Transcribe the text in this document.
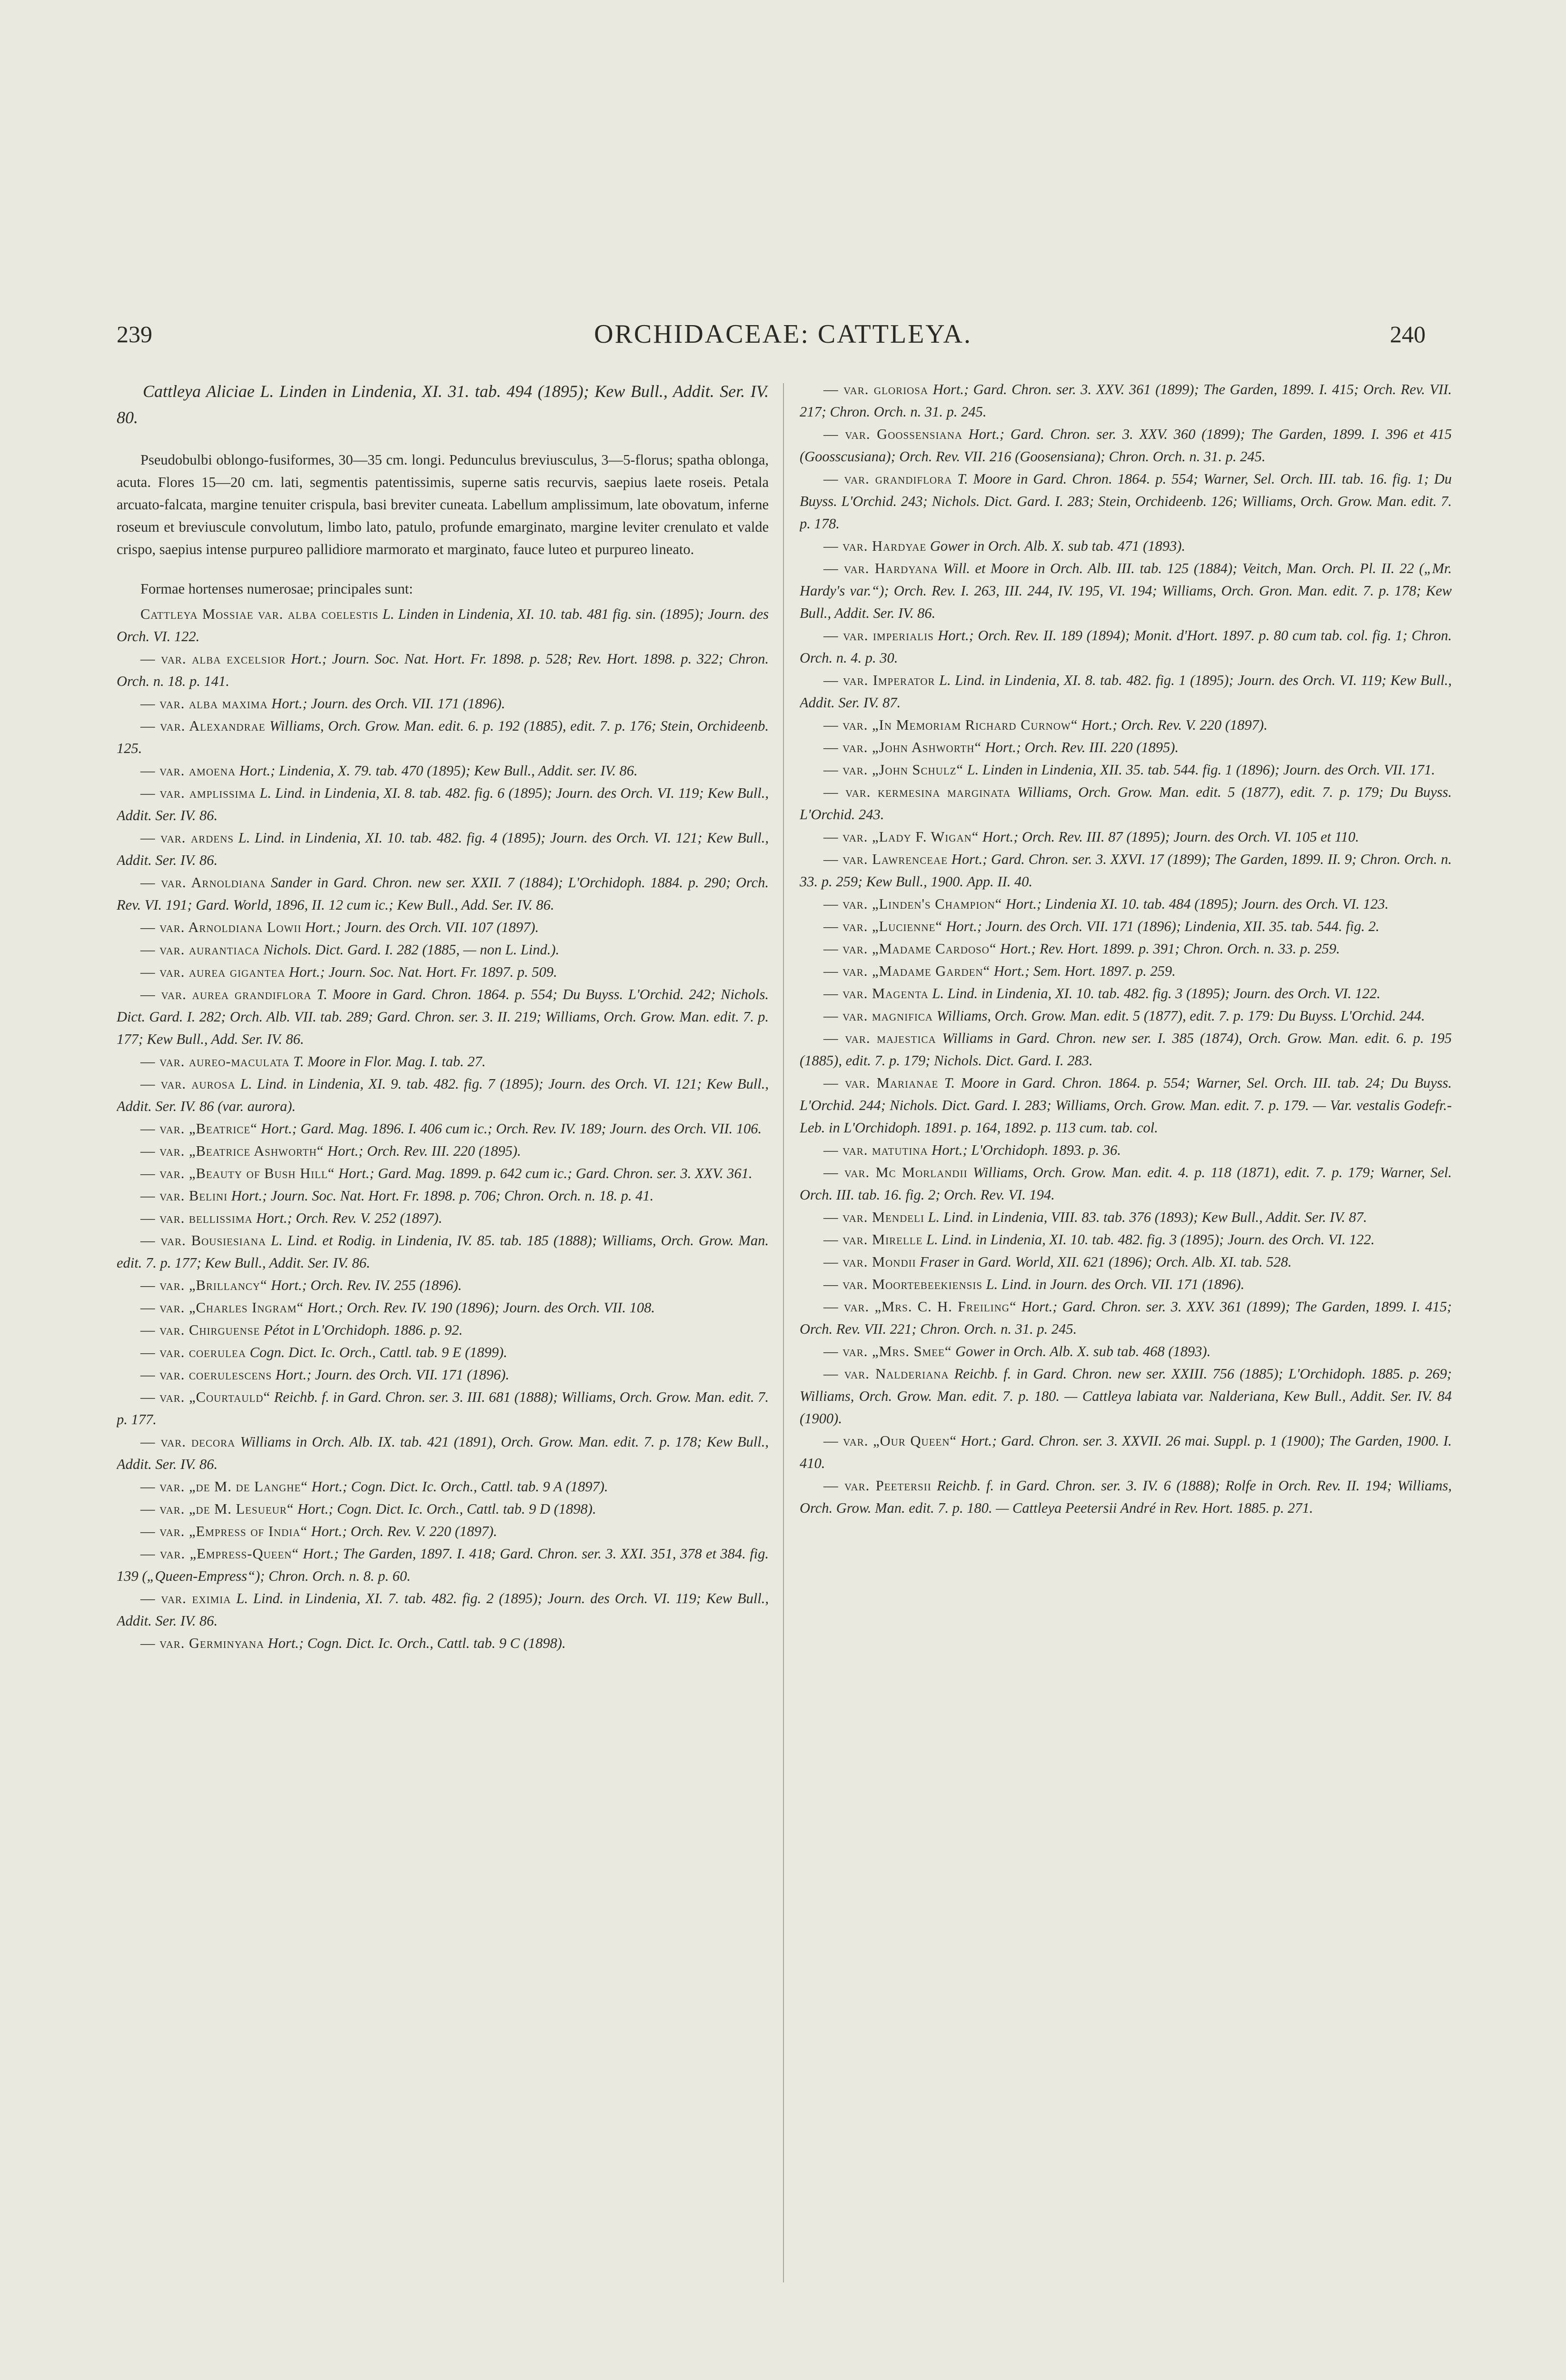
239	ORCHIDACEAE: CATTLEYA.	240

Cattleya Aliciae L. Linden in Lindenia, XI. 31. tab. 494 (1895); Kew Bull., Addit. Ser. IV. 80.

Pseudobulbi oblongo-fusiformes, 30—35 cm. longi. Pedunculus breviusculus, 3—5-florus; spatha oblonga, acuta. Flores 15—20 cm. lati, segmentis patentissimis, superne satis recurvis, saepius laete roseis. Petala arcuato-falcata, margine tenuiter crispula, basi breviter cuneata. Labellum amplissimum, late obovatum, inferne roseum et breviuscule convolutum, limbo lato, patulo, profunde emarginato, margine leviter crenulato et valde crispo, saepius intense purpureo pallidiore marmorato et marginato, fauce luteo et purpureo lineato.

Formae hortenses numerosae; principales sunt:

Cattleya Mossiae var. alba coelestis L. Linden in Lindenia, XI. 10. tab. 481 fig. sin. (1895); Journ. des Orch. VI. 122.

— var. alba excelsior Hort.; Journ. Soc. Nat. Hort. Fr. 1898. p. 528; Rev. Hort. 1898. p. 322; Chron. Orch. n. 18. p. 141.

— var. alba maxima Hort.; Journ. des Orch. VII. 171 (1896).

— var. Alexandrae Williams, Orch. Grow. Man. edit. 6. p. 192 (1885), edit. 7. p. 176; Stein, Orchideenb. 125.

— var. amoena Hort.; Lindenia, X. 79. tab. 470 (1895); Kew Bull., Addit. ser. IV. 86.

— var. amplissima L. Lind. in Lindenia, XI. 8. tab. 482. fig. 6 (1895); Journ. des Orch. VI. 119; Kew Bull., Addit. Ser. IV. 86.

— var. ardens L. Lind. in Lindenia, XI. 10. tab. 482. fig. 4 (1895); Journ. des Orch. VI. 121; Kew Bull., Addit. Ser. IV. 86.

— var. Arnoldiana Sander in Gard. Chron. new ser. XXII. 7 (1884); L'Orchidoph. 1884. p. 290; Orch. Rev. VI. 191; Gard. World, 1896, II. 12 cum ic.; Kew Bull., Add. Ser. IV. 86.

— var. Arnoldiana Lowii Hort.; Journ. des Orch. VII. 107 (1897).

— var. aurantiaca Nichols. Dict. Gard. I. 282 (1885, — non L. Lind.).

— var. aurea gigantea Hort.; Journ. Soc. Nat. Hort. Fr. 1897. p. 509.

— var. aurea grandiflora T. Moore in Gard. Chron. 1864. p. 554; Du Buyss. L'Orchid. 242; Nichols. Dict. Gard. I. 282; Orch. Alb. VII. tab. 289; Gard. Chron. ser. 3. II. 219; Williams, Orch. Grow. Man. edit. 7. p. 177; Kew Bull., Add. Ser. IV. 86.

— var. aureo-maculata T. Moore in Flor. Mag. I. tab. 27.

— var. aurosa L. Lind. in Lindenia, XI. 9. tab. 482. fig. 7 (1895); Journ. des Orch. VI. 121; Kew Bull., Addit. Ser. IV. 86 (var. aurora).

— var. „Beatrice“ Hort.; Gard. Mag. 1896. I. 406 cum ic.; Orch. Rev. IV. 189; Journ. des Orch. VII. 106.

— var. „Beatrice Ashworth“ Hort.; Orch. Rev. III. 220 (1895).

— var. „Beauty of Bush Hill“ Hort.; Gard. Mag. 1899. p. 642 cum ic.; Gard. Chron. ser. 3. XXV. 361.

— var. Belini Hort.; Journ. Soc. Nat. Hort. Fr. 1898. p. 706; Chron. Orch. n. 18. p. 41.

— var. bellissima Hort.; Orch. Rev. V. 252 (1897).

— var. Bousiesiana L. Lind. et Rodig. in Lindenia, IV. 85. tab. 185 (1888); Williams, Orch. Grow. Man. edit. 7. p. 177; Kew Bull., Addit. Ser. IV. 86.

— var. „Brillancy“ Hort.; Orch. Rev. IV. 255 (1896).

— var. „Charles Ingram“ Hort.; Orch. Rev. IV. 190 (1896); Journ. des Orch. VII. 108.

— var. Chirguense Pétot in L'Orchidoph. 1886. p. 92.

— var. coerulea Cogn. Dict. Ic. Orch., Cattl. tab. 9 E (1899).

— var. coerulescens Hort.; Journ. des Orch. VII. 171 (1896).

— var. „Courtauld“ Reichb. f. in Gard. Chron. ser. 3. III. 681 (1888); Williams, Orch. Grow. Man. edit. 7. p. 177.

— var. decora Williams in Orch. Alb. IX. tab. 421 (1891), Orch. Grow. Man. edit. 7. p. 178; Kew Bull., Addit. Ser. IV. 86.

— var. „de M. de Langhe“ Hort.; Cogn. Dict. Ic. Orch., Cattl. tab. 9 A (1897).

— var. „de M. Lesueur“ Hort.; Cogn. Dict. Ic. Orch., Cattl. tab. 9 D (1898).

— var. „Empress of India“ Hort.; Orch. Rev. V. 220 (1897).

— var. „Empress-Queen“ Hort.; The Garden, 1897. I. 418; Gard. Chron. ser. 3. XXI. 351, 378 et 384. fig. 139 („Queen-Empress“); Chron. Orch. n. 8. p. 60.

— var. eximia L. Lind. in Lindenia, XI. 7. tab. 482. fig. 2 (1895); Journ. des Orch. VI. 119; Kew Bull., Addit. Ser. IV. 86.

— var. Germinyana Hort.; Cogn. Dict. Ic. Orch., Cattl. tab. 9 C (1898).

— var. gloriosa Hort.; Gard. Chron. ser. 3. XXV. 361 (1899); The Garden, 1899. I. 415; Orch. Rev. VII. 217; Chron. Orch. n. 31. p. 245.

— var. Goossensiana Hort.; Gard. Chron. ser. 3. XXV. 360 (1899); The Garden, 1899. I. 396 et 415 (Goosscusiana); Orch. Rev. VII. 216 (Goosensiana); Chron. Orch. n. 31. p. 245.

— var. grandiflora T. Moore in Gard. Chron. 1864. p. 554; Warner, Sel. Orch. III. tab. 16. fig. 1; Du Buyss. L'Orchid. 243; Nichols. Dict. Gard. I. 283; Stein, Orchideenb. 126; Williams, Orch. Grow. Man. edit. 7. p. 178.

— var. Hardyae Gower in Orch. Alb. X. sub tab. 471 (1893).

— var. Hardyana Will. et Moore in Orch. Alb. III. tab. 125 (1884); Veitch, Man. Orch. Pl. II. 22 („Mr. Hardy's var.“); Orch. Rev. I. 263, III. 244, IV. 195, VI. 194; Williams, Orch. Gron. Man. edit. 7. p. 178; Kew Bull., Addit. Ser. IV. 86.

— var. imperialis Hort.; Orch. Rev. II. 189 (1894); Monit. d'Hort. 1897. p. 80 cum tab. col. fig. 1; Chron. Orch. n. 4. p. 30.

— var. Imperator L. Lind. in Lindenia, XI. 8. tab. 482. fig. 1 (1895); Journ. des Orch. VI. 119; Kew Bull., Addit. Ser. IV. 87.

— var. „In Memoriam Richard Curnow“ Hort.; Orch. Rev. V. 220 (1897).

— var. „John Ashworth“ Hort.; Orch. Rev. III. 220 (1895).

— var. „John Schulz“ L. Linden in Lindenia, XII. 35. tab. 544. fig. 1 (1896); Journ. des Orch. VII. 171.

— var. kermesina marginata Williams, Orch. Grow. Man. edit. 5 (1877), edit. 7. p. 179; Du Buyss. L'Orchid. 243.

— var. „Lady F. Wigan“ Hort.; Orch. Rev. III. 87 (1895); Journ. des Orch. VI. 105 et 110.

— var. Lawrenceae Hort.; Gard. Chron. ser. 3. XXVI. 17 (1899); The Garden, 1899. II. 9; Chron. Orch. n. 33. p. 259; Kew Bull., 1900. App. II. 40.

— var. „Linden's Champion“ Hort.; Lindenia XI. 10. tab. 484 (1895); Journ. des Orch. VI. 123.

— var. „Lucienne“ Hort.; Journ. des Orch. VII. 171 (1896); Lindenia, XII. 35. tab. 544. fig. 2.

— var. „Madame Cardoso“ Hort.; Rev. Hort. 1899. p. 391; Chron. Orch. n. 33. p. 259.

— var. „Madame Garden“ Hort.; Sem. Hort. 1897. p. 259.

— var. Magenta L. Lind. in Lindenia, XI. 10. tab. 482. fig. 3 (1895); Journ. des Orch. VI. 122.

— var. magnifica Williams, Orch. Grow. Man. edit. 5 (1877), edit. 7. p. 179: Du Buyss. L'Orchid. 244.

— var. majestica Williams in Gard. Chron. new ser. I. 385 (1874), Orch. Grow. Man. edit. 6. p. 195 (1885), edit. 7. p. 179; Nichols. Dict. Gard. I. 283.

— var. Marianae T. Moore in Gard. Chron. 1864. p. 554; Warner, Sel. Orch. III. tab. 24; Du Buyss. L'Orchid. 244; Nichols. Dict. Gard. I. 283; Williams, Orch. Grow. Man. edit. 7. p. 179. — Var. vestalis Godefr.-Leb. in L'Orchidoph. 1891. p. 164, 1892. p. 113 cum. tab. col.

— var. matutina Hort.; L'Orchidoph. 1893. p. 36.

— var. Mc Morlandii Williams, Orch. Grow. Man. edit. 4. p. 118 (1871), edit. 7. p. 179; Warner, Sel. Orch. III. tab. 16. fig. 2; Orch. Rev. VI. 194.

— var. Mendeli L. Lind. in Lindenia, VIII. 83. tab. 376 (1893); Kew Bull., Addit. Ser. IV. 87.

— var. Mirelle L. Lind. in Lindenia, XI. 10. tab. 482. fig. 3 (1895); Journ. des Orch. VI. 122.

— var. Mondii Fraser in Gard. World, XII. 621 (1896); Orch. Alb. XI. tab. 528.

— var. Moortebeekiensis L. Lind. in Journ. des Orch. VII. 171 (1896).

— var. „Mrs. C. H. Freiling“ Hort.; Gard. Chron. ser. 3. XXV. 361 (1899); The Garden, 1899. I. 415; Orch. Rev. VII. 221; Chron. Orch. n. 31. p. 245.

— var. „Mrs. Smee“ Gower in Orch. Alb. X. sub tab. 468 (1893).

— var. Nalderiana Reichb. f. in Gard. Chron. new ser. XXIII. 756 (1885); L'Orchidoph. 1885. p. 269; Williams, Orch. Grow. Man. edit. 7. p. 180. — Cattleya labiata var. Nalderiana, Kew Bull., Addit. Ser. IV. 84 (1900).

— var. „Our Queen“ Hort.; Gard. Chron. ser. 3. XXVII. 26 mai. Suppl. p. 1 (1900); The Garden, 1900. I. 410.

— var. Peetersii Reichb. f. in Gard. Chron. ser. 3. IV. 6 (1888); Rolfe in Orch. Rev. II. 194; Williams, Orch. Grow. Man. edit. 7. p. 180. — Cattleya Peetersii André in Rev. Hort. 1885. p. 271.
